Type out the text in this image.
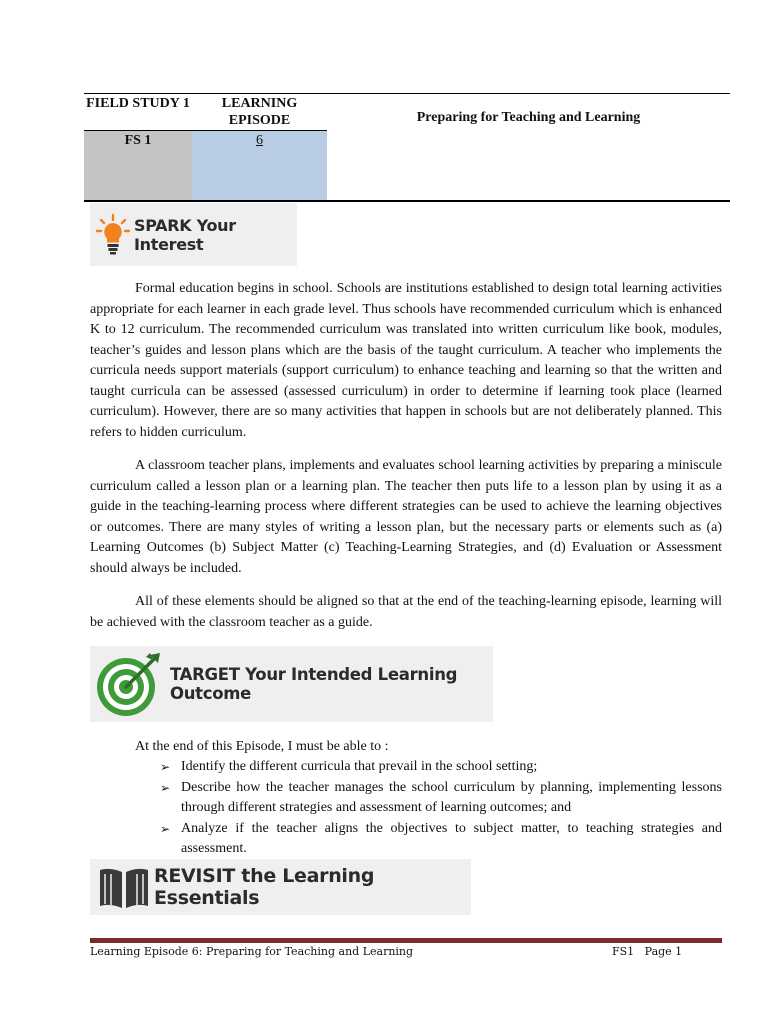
FIELD STUDY 1	LEARNING EPISODE
FS 1	6
Preparing for Teaching and Learning
SPARK Your Interest
Formal education begins in school. Schools are institutions established to design total learning activities appropriate for each learner in each grade level. Thus schools have recommended curriculum which is enhanced K to 12 curriculum. The recommended curriculum was translated into written curriculum like book, modules, teacher’s guides and lesson plans which are the basis of the taught curriculum. A teacher who implements the curricula needs support materials (support curriculum) to enhance teaching and learning so that the written and taught curricula can be assessed (assessed curriculum) in order to determine if learning took place (learned curriculum). However, there are so many activities that happen in schools but are not deliberately planned. This refers to hidden curriculum.
A classroom teacher plans, implements and evaluates school learning activities by preparing a miniscule curriculum called a lesson plan or a learning plan. The teacher then puts life to a lesson plan by using it as a guide in the teaching-learning process where different strategies can be used to achieve the learning objectives or outcomes. There are many styles of writing a lesson plan, but the necessary parts or elements such as (a) Learning Outcomes (b) Subject Matter (c) Teaching-Learning Strategies, and (d) Evaluation or Assessment should always be included.
All of these elements should be aligned so that at the end of the teaching-learning episode, learning will be achieved with the classroom teacher as a guide.
TARGET Your Intended Learning Outcome
At the end of this Episode, I must be able to :
➢ Identify the different curricula that prevail in the school setting;
➢ Describe how the teacher manages the school curriculum by planning, implementing lessons through different strategies and assessment of learning outcomes; and
➢ Analyze if the teacher aligns the objectives to subject matter, to teaching strategies and assessment.
REVISIT the Learning Essentials
Learning Episode 6: Preparing for Teaching and Learning	FS1   Page 1
